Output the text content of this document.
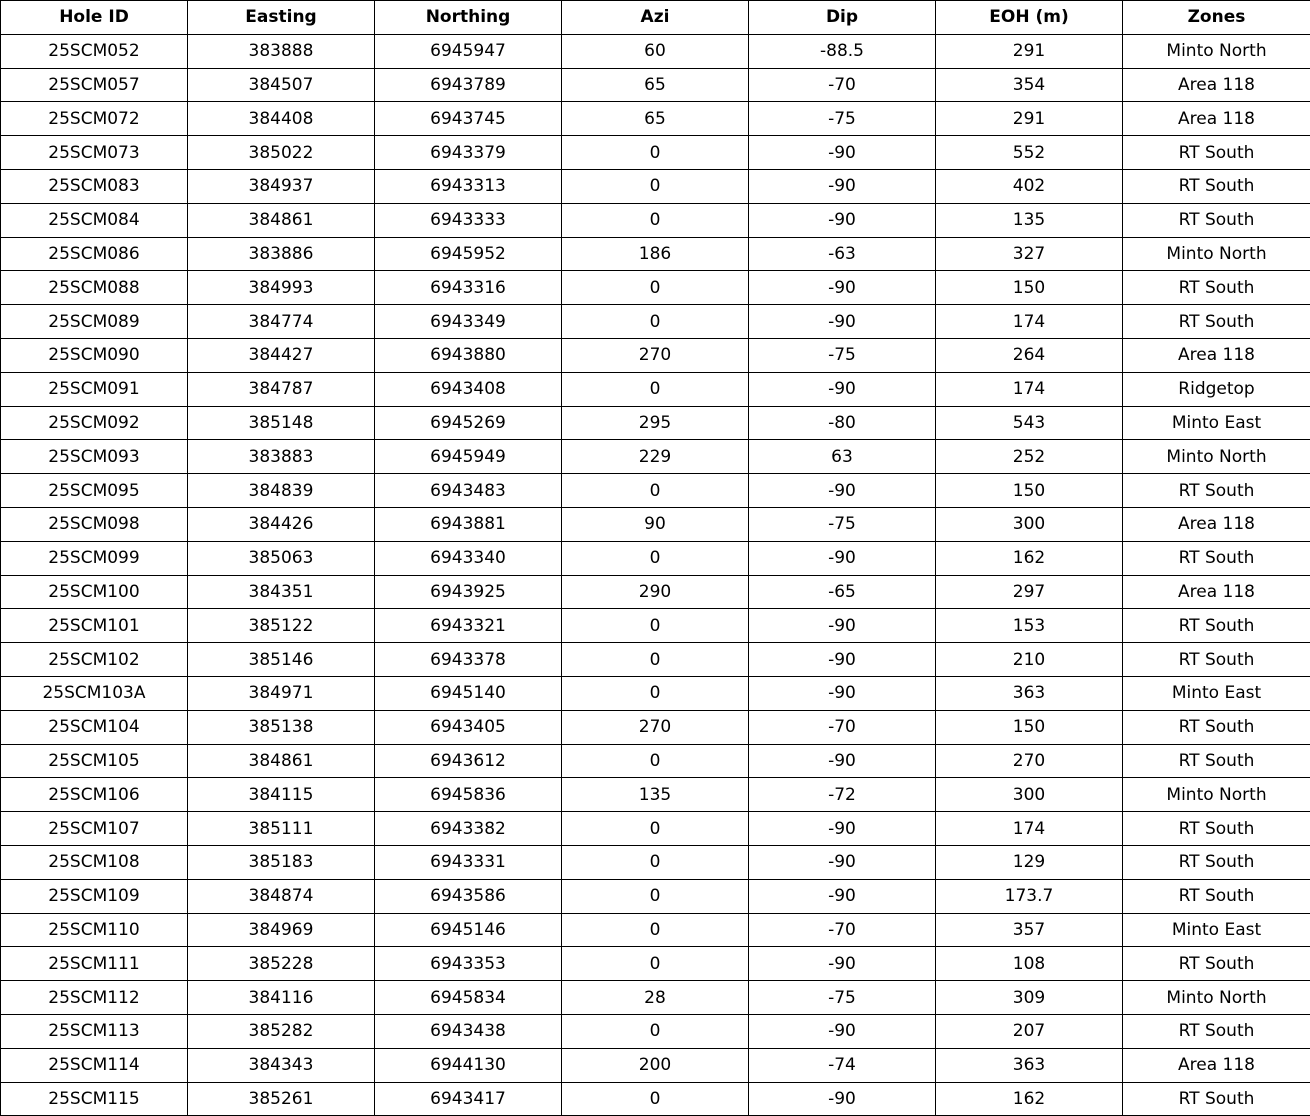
Hole ID	Easting	Northing	Azi	Dip	EOH (m)	Zones
25SCM052	383888	6945947	60	-88.5	291	Minto North
25SCM057	384507	6943789	65	-70	354	Area 118
25SCM072	384408	6943745	65	-75	291	Area 118
25SCM073	385022	6943379	0	-90	552	RT South
25SCM083	384937	6943313	0	-90	402	RT South
25SCM084	384861	6943333	0	-90	135	RT South
25SCM086	383886	6945952	186	-63	327	Minto North
25SCM088	384993	6943316	0	-90	150	RT South
25SCM089	384774	6943349	0	-90	174	RT South
25SCM090	384427	6943880	270	-75	264	Area 118
25SCM091	384787	6943408	0	-90	174	Ridgetop
25SCM092	385148	6945269	295	-80	543	Minto East
25SCM093	383883	6945949	229	63	252	Minto North
25SCM095	384839	6943483	0	-90	150	RT South
25SCM098	384426	6943881	90	-75	300	Area 118
25SCM099	385063	6943340	0	-90	162	RT South
25SCM100	384351	6943925	290	-65	297	Area 118
25SCM101	385122	6943321	0	-90	153	RT South
25SCM102	385146	6943378	0	-90	210	RT South
25SCM103A	384971	6945140	0	-90	363	Minto East
25SCM104	385138	6943405	270	-70	150	RT South
25SCM105	384861	6943612	0	-90	270	RT South
25SCM106	384115	6945836	135	-72	300	Minto North
25SCM107	385111	6943382	0	-90	174	RT South
25SCM108	385183	6943331	0	-90	129	RT South
25SCM109	384874	6943586	0	-90	173.7	RT South
25SCM110	384969	6945146	0	-70	357	Minto East
25SCM111	385228	6943353	0	-90	108	RT South
25SCM112	384116	6945834	28	-75	309	Minto North
25SCM113	385282	6943438	0	-90	207	RT South
25SCM114	384343	6944130	200	-74	363	Area 118
25SCM115	385261	6943417	0	-90	162	RT South
